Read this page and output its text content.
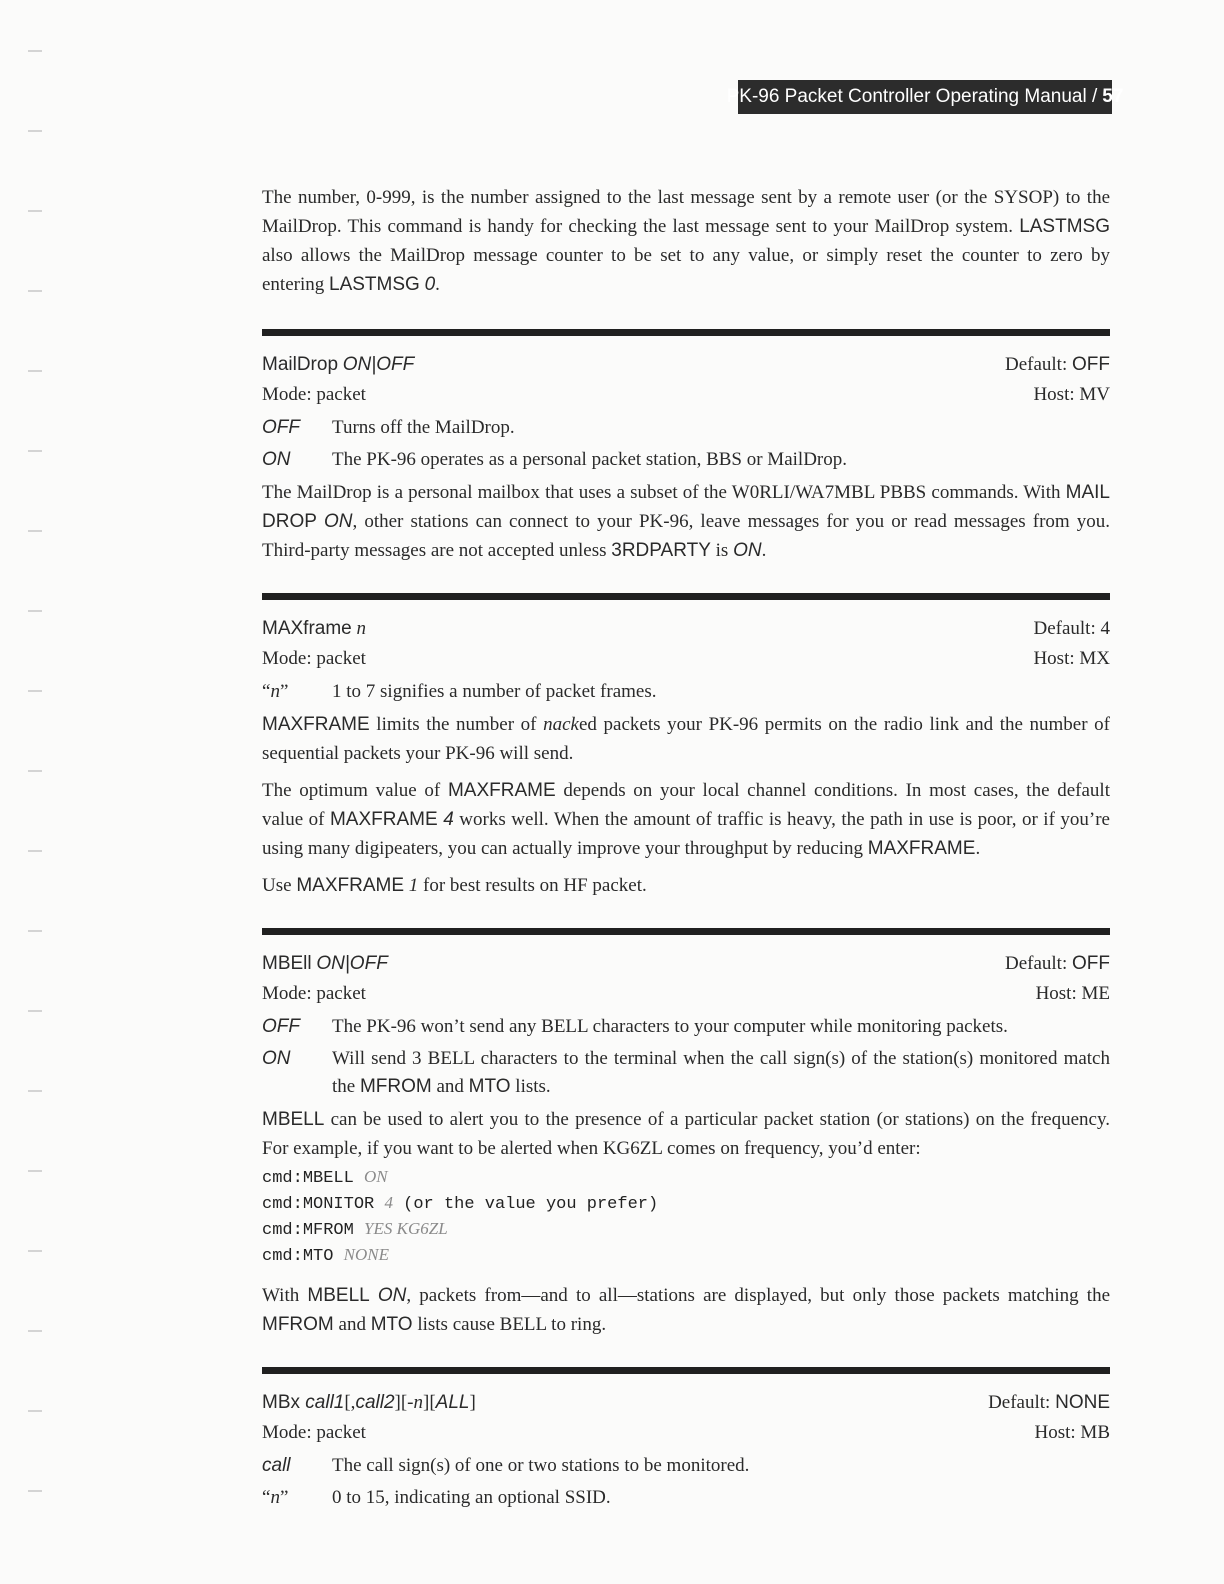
PK-96 Packet Controller Operating Manual / 57

The number, 0-999, is the number assigned to the last message sent by a remote user (or the SYSOP) to the MailDrop. This command is handy for checking the last message sent to your MailDrop system. LASTMSG also allows the MailDrop message counter to be set to any value, or simply reset the counter to zero by entering LASTMSG 0.

MailDrop ON|OFF	Default: OFF
Mode: packet	Host: MV
OFF	Turns off the MailDrop.
ON	The PK-96 operates as a personal packet station, BBS or MailDrop.

The MailDrop is a personal mailbox that uses a subset of the W0RLI/WA7MBL PBBS commands. With MAIL DROP ON, other stations can connect to your PK-96, leave messages for you or read messages from you. Third-party messages are not accepted unless 3RDPARTY is ON.

MAXframe n	Default: 4
Mode: packet	Host: MX
“n”	1 to 7 signifies a number of packet frames.

MAXFRAME limits the number of nacked packets your PK-96 permits on the radio link and the number of sequential packets your PK-96 will send.

The optimum value of MAXFRAME depends on your local channel conditions. In most cases, the default value of MAXFRAME 4 works well. When the amount of traffic is heavy, the path in use is poor, or if you’re using many digipeaters, you can actually improve your throughput by reducing MAXFRAME.

Use MAXFRAME 1 for best results on HF packet.

MBEll ON|OFF	Default: OFF
Mode: packet	Host: ME
OFF	The PK-96 won’t send any BELL characters to your computer while monitoring packets.
ON	Will send 3 BELL characters to the terminal when the call sign(s) of the station(s) monitored match the MFROM and MTO lists.

MBELL can be used to alert you to the presence of a particular packet station (or stations) on the frequency. For example, if you want to be alerted when KG6ZL comes on frequency, you’d enter:

cmd:MBELL ON
cmd:MONITOR 4 (or the value you prefer)
cmd:MFROM YES KG6ZL
cmd:MTO NONE

With MBELL ON, packets from—and to all—stations are displayed, but only those packets matching the MFROM and MTO lists cause BELL to ring.

MBx call1[,call2][-n][ALL]	Default: NONE
Mode: packet	Host: MB
call	The call sign(s) of one or two stations to be monitored.
“n”	0 to 15, indicating an optional SSID.
